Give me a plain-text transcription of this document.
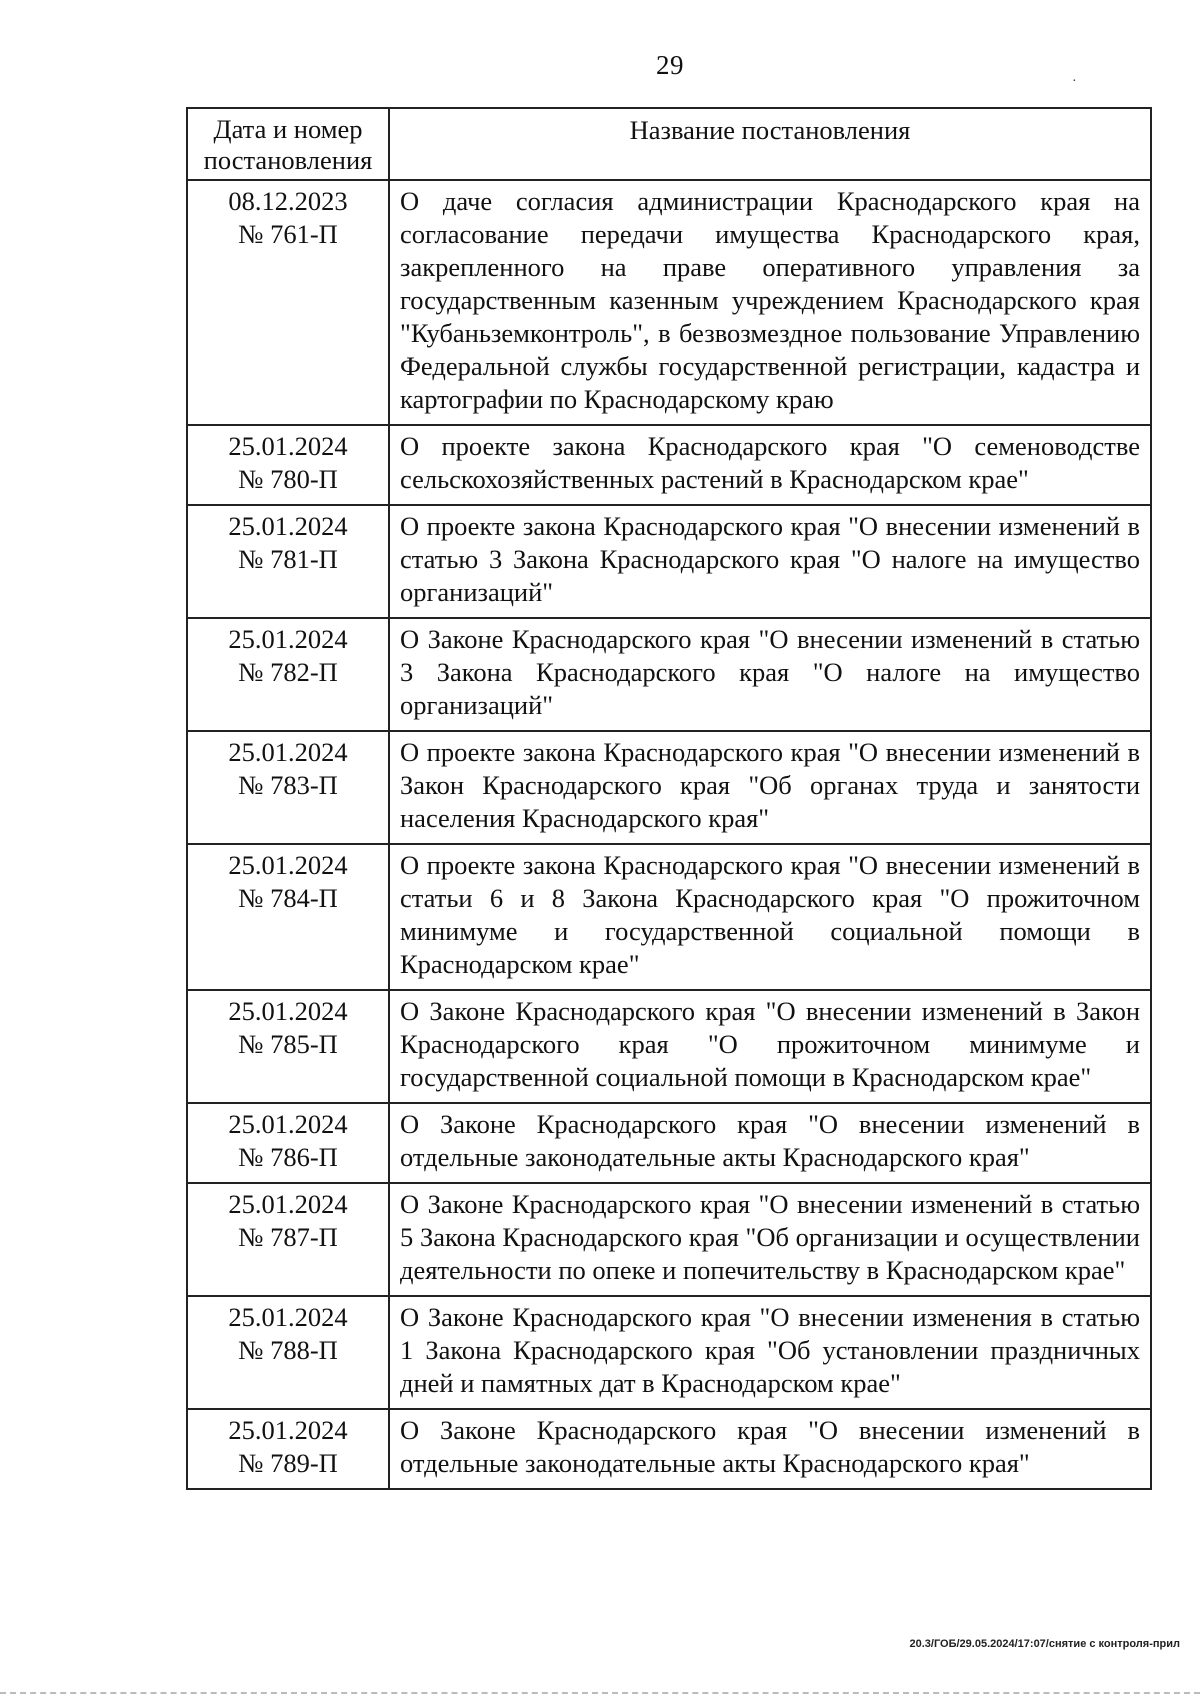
29
·
Дата и номер постановления	Название постановления

08.12.2023
№ 761-П	О даче согласия администрации Краснодарского края на согласование передачи имущества Краснодарского края, закрепленного на праве оперативного управления за государственным казенным учреждением Краснодарского края "Кубаньземконтроль", в безвозмездное пользование Управлению Федеральной службы государственной регистрации, кадастра и картографии по Краснодарскому краю

25.01.2024
№ 780-П	О проекте закона Краснодарского края "О семеноводстве сельскохозяйственных растений в Краснодарском крае"

25.01.2024
№ 781-П	О проекте закона Краснодарского края "О внесении изменений в статью 3 Закона Краснодарского края "О налоге на имущество организаций"

25.01.2024
№ 782-П	О Законе Краснодарского края "О внесении изменений в статью 3 Закона Краснодарского края "О налоге на имущество организаций"

25.01.2024
№ 783-П	О проекте закона Краснодарского края "О внесении изменений в Закон Краснодарского края "Об органах труда и занятости населения Краснодарского края"

25.01.2024
№ 784-П	О проекте закона Краснодарского края "О внесении изменений в статьи 6 и 8 Закона Краснодарского края "О прожиточном минимуме и государственной социальной помощи в Краснодарском крае"

25.01.2024
№ 785-П	О Законе Краснодарского края "О внесении изменений в Закон Краснодарского края "О прожиточном минимуме и государственной социальной помощи в Краснодарском крае"

25.01.2024
№ 786-П	О Законе Краснодарского края "О внесении изменений в отдельные законодательные акты Краснодарского края"

25.01.2024
№ 787-П	О Законе Краснодарского края "О внесении изменений в статью 5 Закона Краснодарского края "Об организации и осуществлении деятельности по опеке и попечительству в Краснодарском крае"

25.01.2024
№ 788-П	О Законе Краснодарского края "О внесении изменения в статью 1 Закона Краснодарского края "Об установлении праздничных дней и памятных дат в Краснодарском крае"

25.01.2024
№ 789-П	О Законе Краснодарского края "О внесении изменений в отдельные законодательные акты Краснодарского края"
20.3/ГОБ/29.05.2024/17:07/снятие с контроля-прил
